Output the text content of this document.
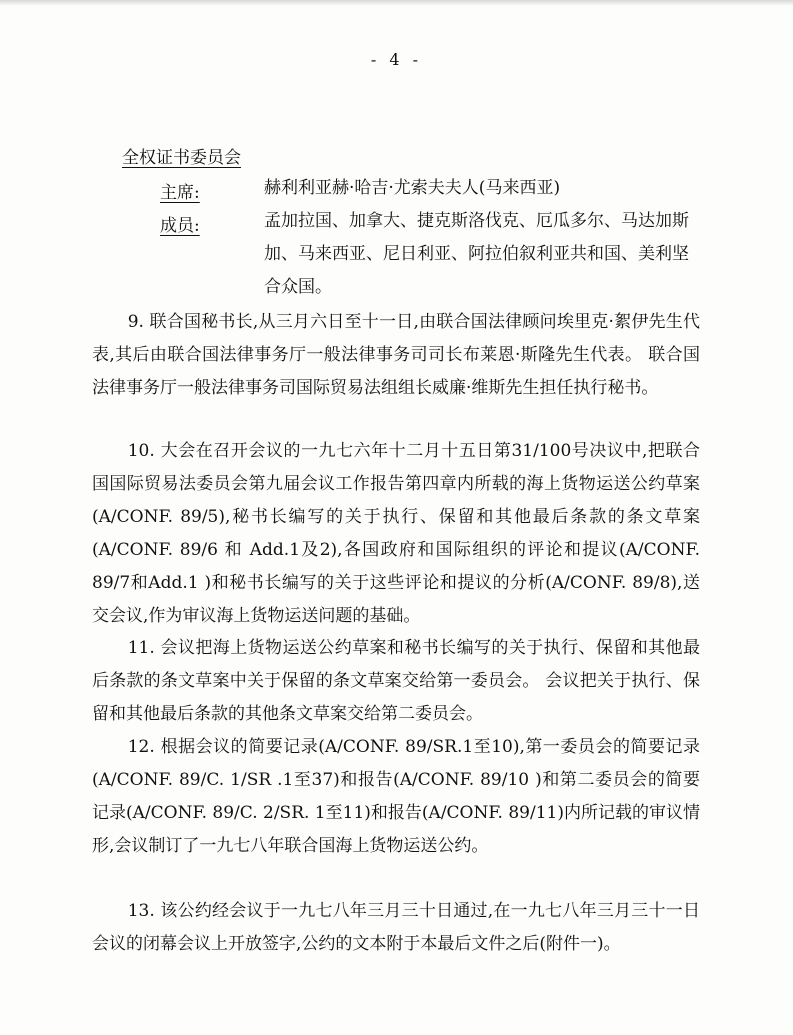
- 4 -
全权证书委员会
主席:	赫利利亚赫·哈吉·尤索夫夫人(马来西亚)
成员:	孟加拉国、加拿大、捷克斯洛伐克、厄瓜多尔、马达加斯加、马来西亚、尼日利亚、阿拉伯叙利亚共和国、美利坚合众国。

9. 联合国秘书长,从三月六日至十一日,由联合国法律顾问埃里克·絮伊先生代表,其后由联合国法律事务厅一般法律事务司司长布莱恩·斯隆先生代表。 联合国法律事务厅一般法律事务司国际贸易法组组长威廉·维斯先生担任执行秘书。

10. 大会在召开会议的一九七六年十二月十五日第31/100号决议中,把联合国国际贸易法委员会第九届会议工作报告第四章内所载的海上货物运送公约草案(A/CONF. 89/5),秘书长编写的关于执行、保留和其他最后条款的条文草案(A/CONF. 89/6 和 Add.1及2),各国政府和国际组织的评论和提议(A/CONF. 89/7和Add.1 )和秘书长编写的关于这些评论和提议的分析(A/CONF. 89/8),送交会议,作为审议海上货物运送问题的基础。

11. 会议把海上货物运送公约草案和秘书长编写的关于执行、保留和其他最后条款的条文草案中关于保留的条文草案交给第一委员会。 会议把关于执行、保留和其他最后条款的其他条文草案交给第二委员会。

12. 根据会议的简要记录(A/CONF. 89/SR.1至10),第一委员会的简要记录(A/CONF. 89/C. 1/SR .1至37)和报告(A/CONF. 89/10 )和第二委员会的简要记录(A/CONF. 89/C. 2/SR. 1至11)和报告(A/CONF. 89/11)内所记载的审议情形,会议制订了一九七八年联合国海上货物运送公约。

13. 该公约经会议于一九七八年三月三十日通过,在一九七八年三月三十一日会议的闭幕会议上开放签字,公约的文本附于本最后文件之后(附件一)。
